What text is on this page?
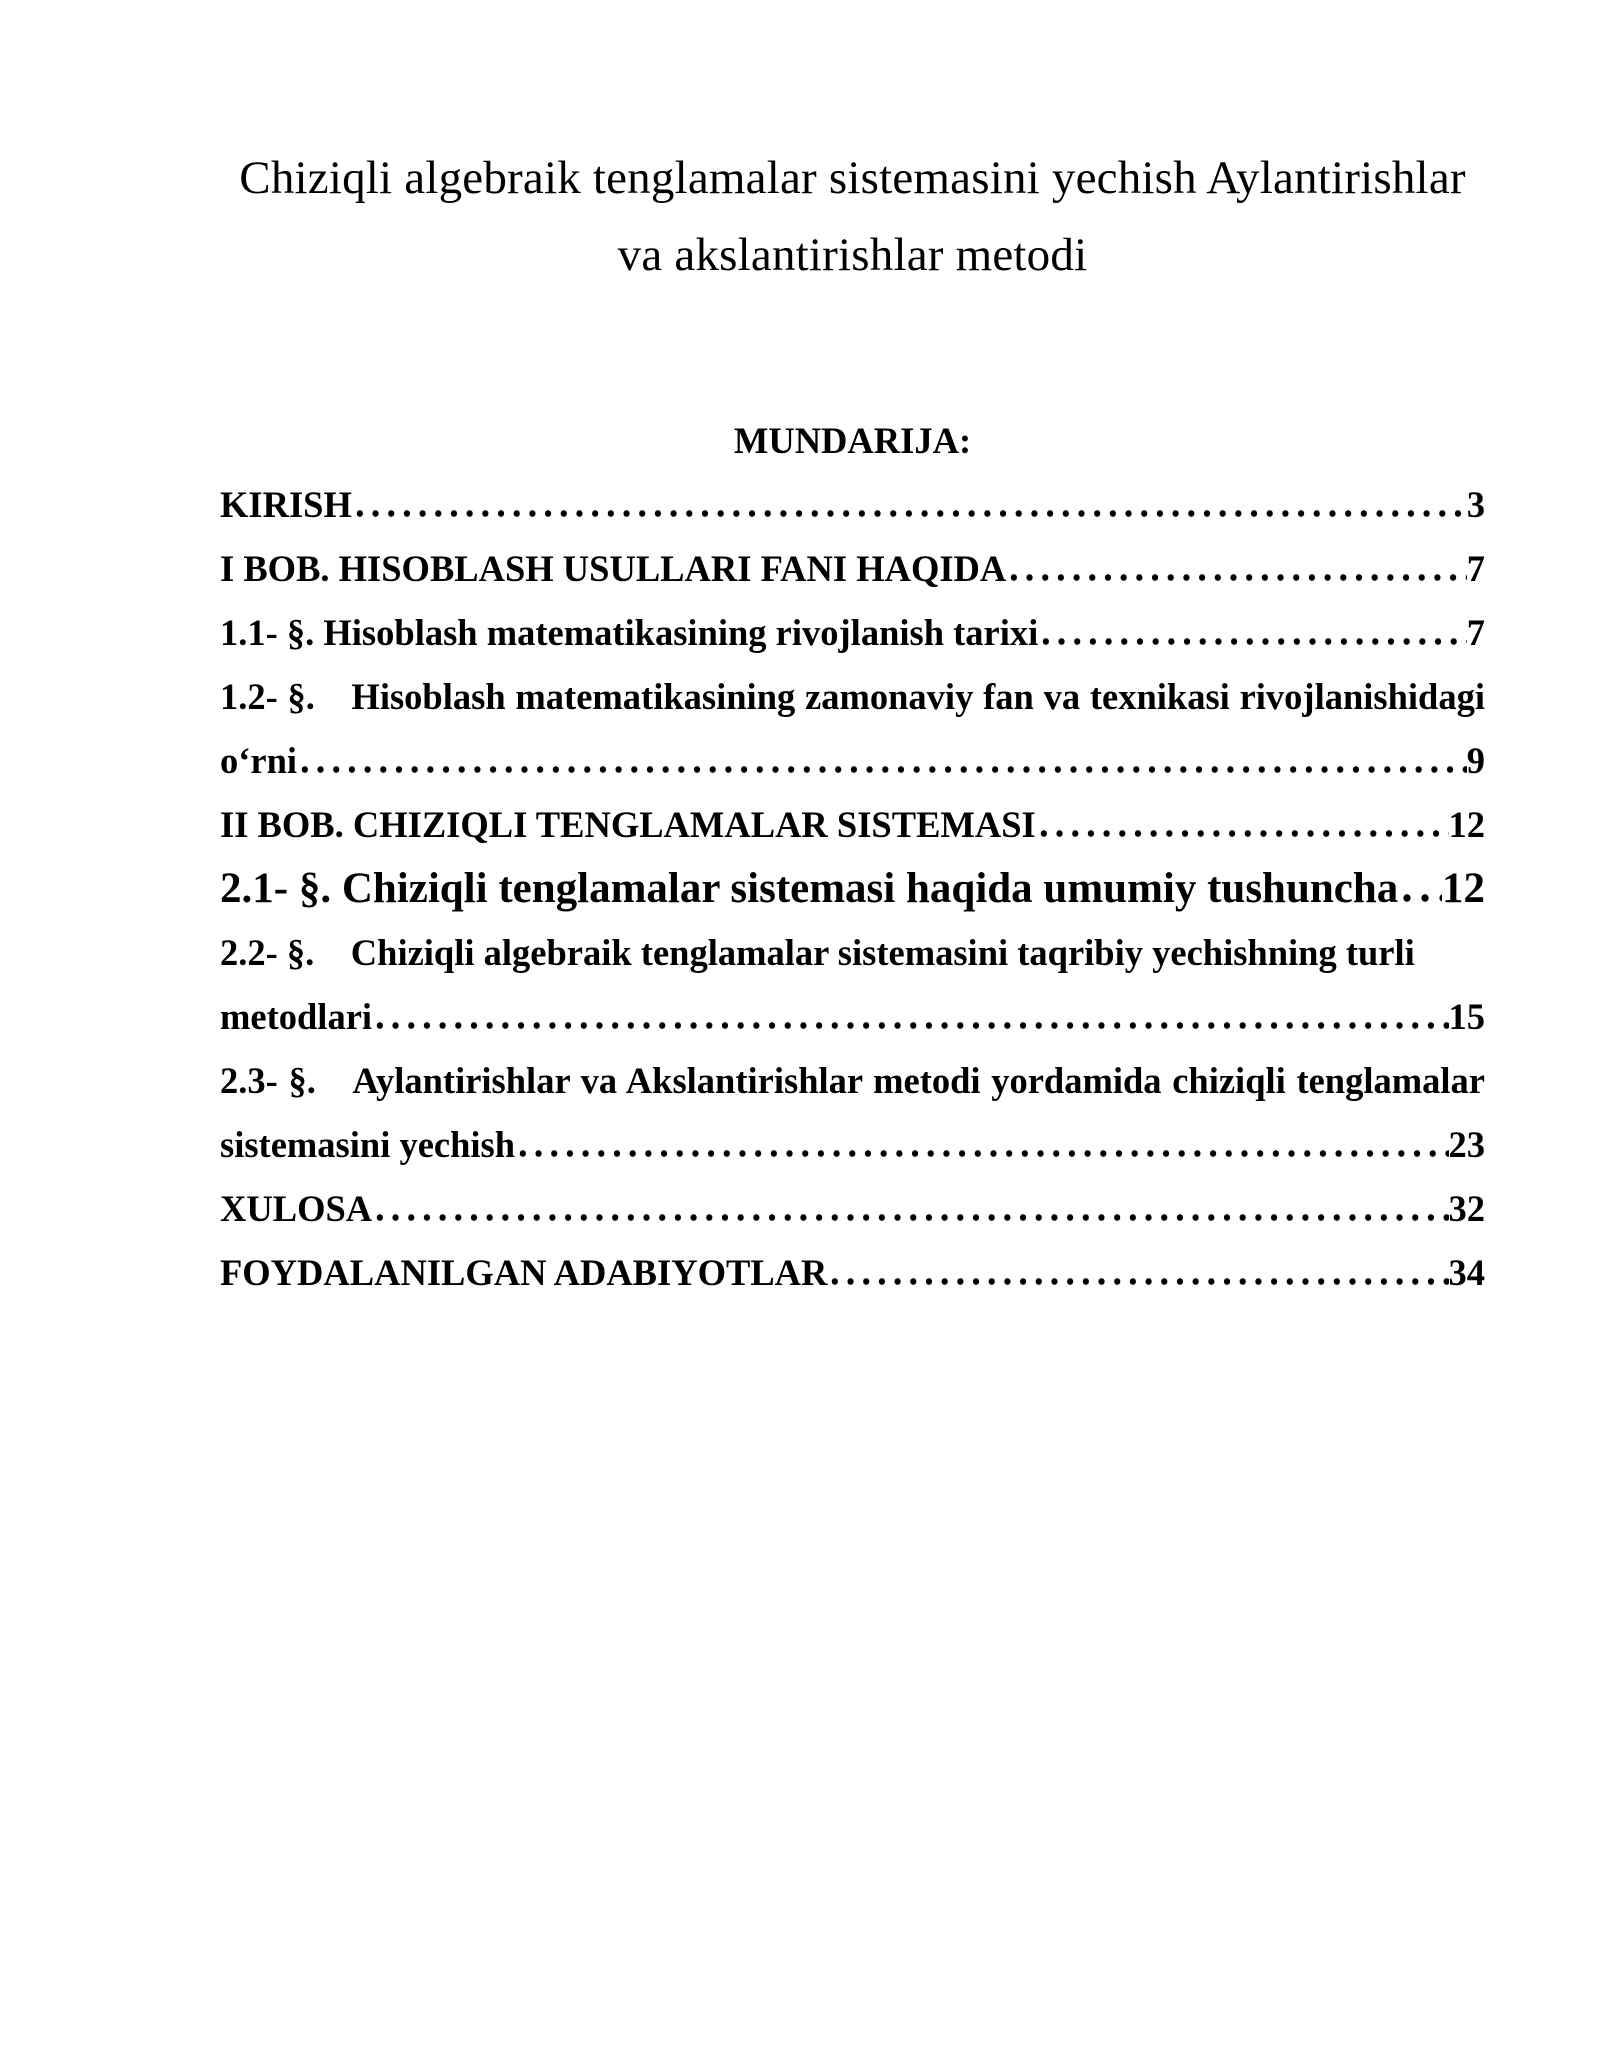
Chiziqli algebraik tenglamalar sistemasini yechish Aylantirishlar
va akslantirishlar metodi
MUNDARIJA:
KIRISH	3
I BOB. HISOBLASH USULLARI FANI HAQIDA	7
1.1- §. Hisoblash matematikasining rivojlanish tarixi	7
1.2- §. Hisoblash matematikasining zamonaviy fan va texnikasi rivojlanishidagi
o‘rni	9
II BOB. CHIZIQLI TENGLAMALAR SISTEMASI	12
2.1- §. Chiziqli tenglamalar sistemasi haqida umumiy tushuncha 12
2.2- §. Chiziqli algebraik tenglamalar sistemasini taqribiy yechishning turli
metodlari	15
2.3- §. Aylantirishlar va Akslantirishlar metodi yordamida chiziqli tenglamalar
sistemasini yechish	23
XULOSA	32
FOYDALANILGAN ADABIYOTLAR	34
